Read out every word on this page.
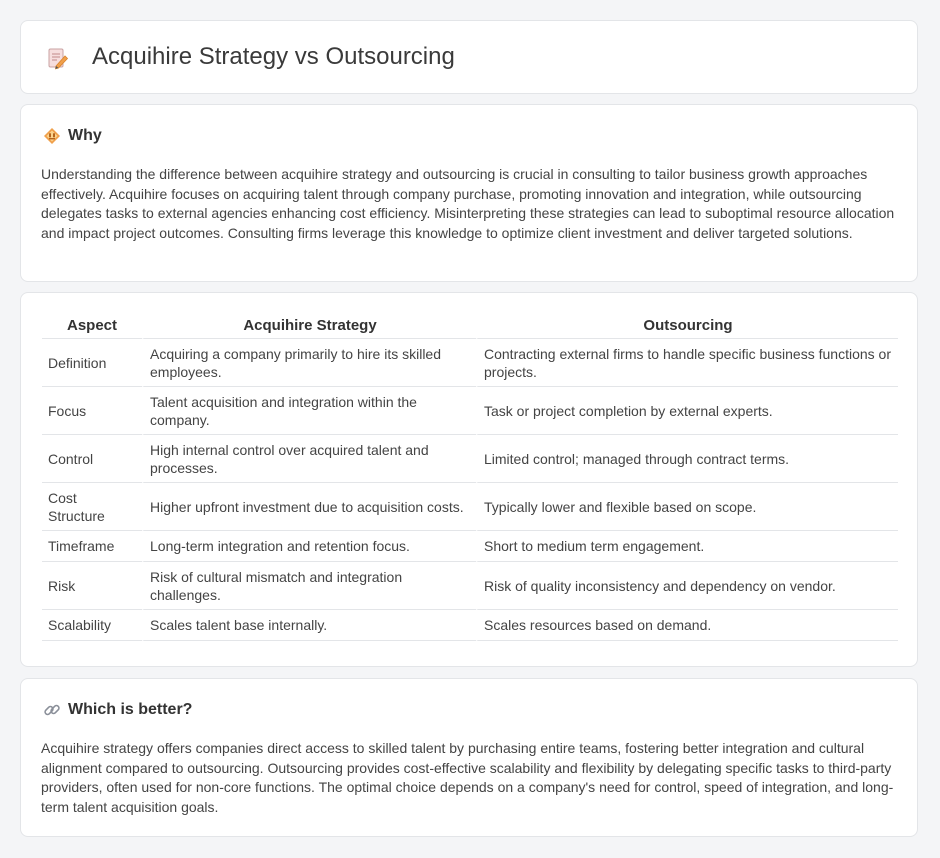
Acquihire Strategy vs Outsourcing
Why
Understanding the difference between acquihire strategy and outsourcing is crucial in consulting to tailor business growth approaches effectively. Acquihire focuses on acquiring talent through company purchase, promoting innovation and integration, while outsourcing delegates tasks to external agencies enhancing cost efficiency. Misinterpreting these strategies can lead to suboptimal resource allocation and impact project outcomes. Consulting firms leverage this knowledge to optimize client investment and deliver targeted solutions.
Aspect	Acquihire Strategy	Outsourcing
Definition	Acquiring a company primarily to hire its skilled employees.	Contracting external firms to handle specific business functions or projects.
Focus	Talent acquisition and integration within the company.	Task or project completion by external experts.
Control	High internal control over acquired talent and processes.	Limited control; managed through contract terms.
Cost Structure	Higher upfront investment due to acquisition costs.	Typically lower and flexible based on scope.
Timeframe	Long-term integration and retention focus.	Short to medium term engagement.
Risk	Risk of cultural mismatch and integration challenges.	Risk of quality inconsistency and dependency on vendor.
Scalability	Scales talent base internally.	Scales resources based on demand.
Which is better?
Acquihire strategy offers companies direct access to skilled talent by purchasing entire teams, fostering better integration and cultural alignment compared to outsourcing. Outsourcing provides cost-effective scalability and flexibility by delegating specific tasks to third-party providers, often used for non-core functions. The optimal choice depends on a company's need for control, speed of integration, and long-term talent acquisition goals.
